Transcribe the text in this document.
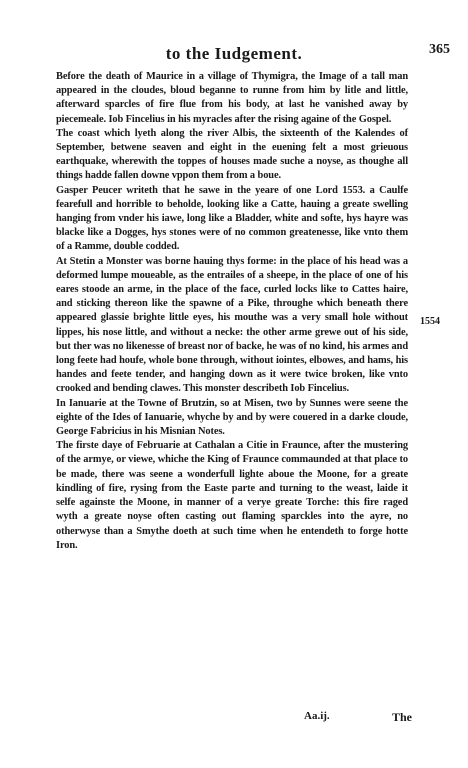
to the Iudgement.	365

Before the death of Maurice in a village of Thymigra, the Image of a tall man appeared in the cloudes, bloud beganne to runne from him by litle and little, afterward sparcles of fire flue from his body, at last he vanished away by piecemeale. Iob Fincelius in his myracles after the rising againe of the Gospel.

The coast which lyeth along the river Albis, the sixteenth of the Kalendes of September, betwene seaven and eight in the euening felt a most grieuous earthquake, wherewith the toppes of houses made suche a noyse, as thoughe all things hadde fallen downe vppon them from a boue.

Gasper Peucer writeth that he sawe in the yeare of one Lord 1553. a Caulfe fearefull and horrible to beholde, looking like a Catte, hauing a greate swelling hanging from vnder his iawe, long like a Bladder, white and softe, hys hayre was blacke like a Dogges, hys stones were of no common greatenesse, like vnto them of a Ramme, double codded.

At Stetin a Monster was borne hauing thys forme: in the place of his head was a deformed lumpe moueable, as the entrailes of a sheepe, in the place of one of his eares stoode an arme, in the place of the face, curled locks like to Cattes haire, and sticking thereon like the spawne of a Pike, throughe which beneath there appeared glassie brighte little eyes, his mouthe was a very small hole without lippes, his nose little, and without a necke: the other arme grewe out of his side, but ther was no likenesse of breast nor of backe, he was of no kind, his armes and long feete had houfe, whole bone through, without iointes, elbowes, and hams, his handes and feete tender, and hanging down as it were twice broken, like vnto crooked and bending clawes. This monster describeth Iob Fincelius.

In Ianuarie at the Towne of Brutzin, so at Misen, two by Sunnes were seene the eighte of the Ides of Ianuarie, whyche by and by were couered in a darke cloude, George Fabricius in his Misnian Notes.

The firste daye of Februarie at Cathalan a Citie in Fraunce, after the mustering of the armye, or viewe, whiche the King of Fraunce commaunded at that place to be made, there was seene a wonderfull lighte aboue the Moone, for a greate kindling of fire, rysing from the Easte parte and turning to the weast, laide it selfe againste the Moone, in manner of a verye greate Torche: this fire raged wyth a greate noyse often casting out flaming sparckles into the ayre, no otherwyse than a Smythe doeth at such time when he entendeth to forge hotte Iron.

1554
Aa.ij.	The
